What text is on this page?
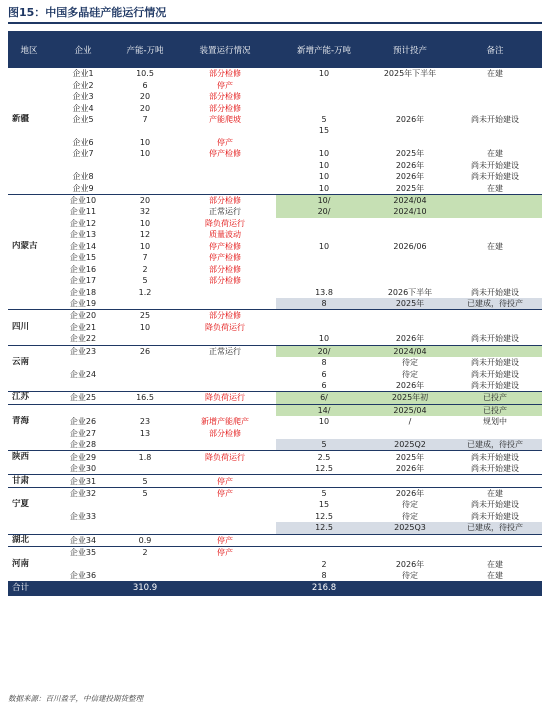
图15：中国多晶硅产能运行情况
地区	企业	产能-万吨	装置运行情况	新增产能-万吨	预计投产	备注
	企业1	10.5	部分检修	10	2025年下半年	在建
	企业2	6	停产			
	企业3	20	部分检修			
	企业4	20	部分检修			
新疆	企业5	7	产能爬坡	5	2026年	尚未开始建设
				15		
	企业6	10	停产			
	企业7	10	停产检修	10	2025年	在建
				10	2026年	尚未开始建设
	企业8			10	2026年	尚未开始建设
	企业9			10	2025年	在建
	企业10	20	部分检修	10/	2024/04	
	企业11	32	正常运行	20/	2024/10	
	企业12	10	降负荷运行			
	企业13	12	质量波动			
内蒙古	企业14	10	停产检修	10	2026/06	在建
	企业15	7	停产检修			
	企业16	2	部分检修			
	企业17	5	部分检修			
	企业18	1.2		13.8	2026下半年	尚未开始建设
	企业19			8	2025年	已建成，待投产
	企业20	25	部分检修			
四川	企业21	10	降负荷运行			
	企业22			10	2026年	尚未开始建设
	企业23	26	正常运行	20/	2024/04	
云南				8	待定	尚未开始建设
	企业24			6	待定	尚未开始建设
				6	2026年	尚未开始建设
江苏	企业25	16.5	降负荷运行	6/	2025年初	已投产
				14/	2025/04	已投产
青海	企业26	23	新增产能爬产	10	/	规划中
	企业27	13	部分检修			
	企业28			5	2025Q2	已建成，待投产
陕西	企业29	1.8	降负荷运行	2.5	2025年	尚未开始建设
	企业30			12.5	2026年	尚未开始建设
甘肃	企业31	5	停产			
	企业32	5	停产	5	2026年	在建
宁夏				15	待定	尚未开始建设
	企业33			12.5	待定	尚未开始建设
				12.5	2025Q3	已建成，待投产
湖北	企业34	0.9	停产			
	企业35	2	停产			
河南				2	2026年	在建
	企业36			8	待定	在建
合计		310.9		216.8		
数据来源：百川盈孚，中信建投期货整理
